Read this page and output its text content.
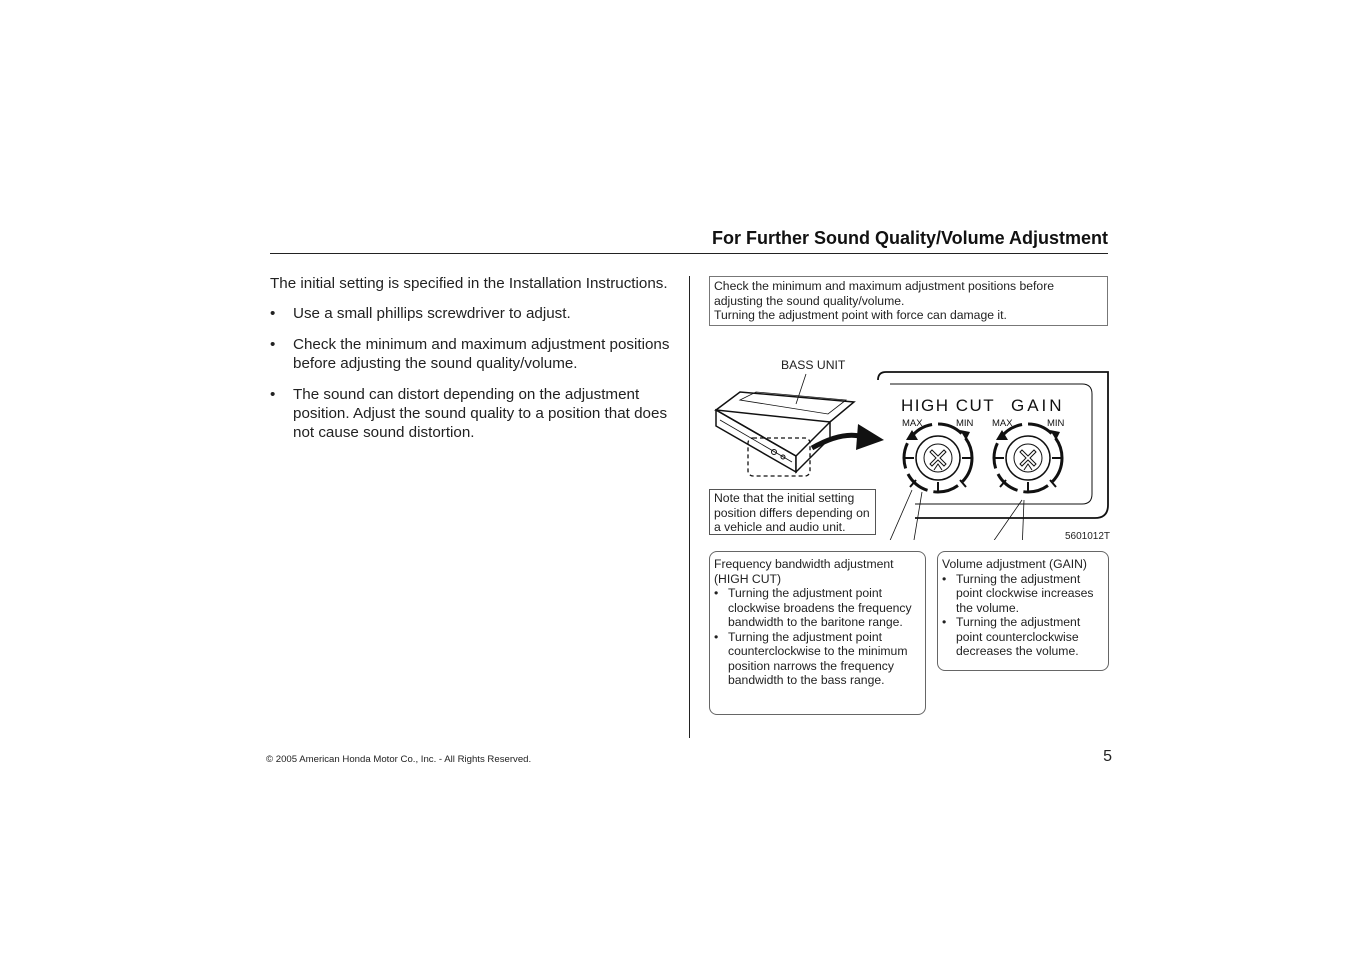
For Further Sound Quality/Volume Adjustment

The initial setting is specified in the Installation Instructions.

• Use a small phillips screwdriver to adjust.
• Check the minimum and maximum adjustment positions before adjusting the sound quality/volume.
• The sound can distort depending on the adjustment position. Adjust the sound quality to a position that does not cause sound distortion.
Check the minimum and maximum adjustment positions before adjusting the sound quality/volume.
Turning the adjustment point with force can damage it.
HIGH CUT GAIN
MAX	MIN MAX	MIN
BASS UNIT
Note that the initial setting position differs depending on a vehicle and audio unit.
5601012T
Frequency bandwidth adjustment (HIGH CUT)
• Turning the adjustment point clockwise broadens the frequency bandwidth to the baritone range.
• Turning the adjustment point counterclockwise to the minimum position narrows the frequency bandwidth to the bass range.
Volume adjustment (GAIN)
• Turning the adjustment point clockwise increases the volume.
• Turning the adjustment point counterclockwise decreases the volume.
© 2005 American Honda Motor Co., Inc. - All Rights Reserved.	5
